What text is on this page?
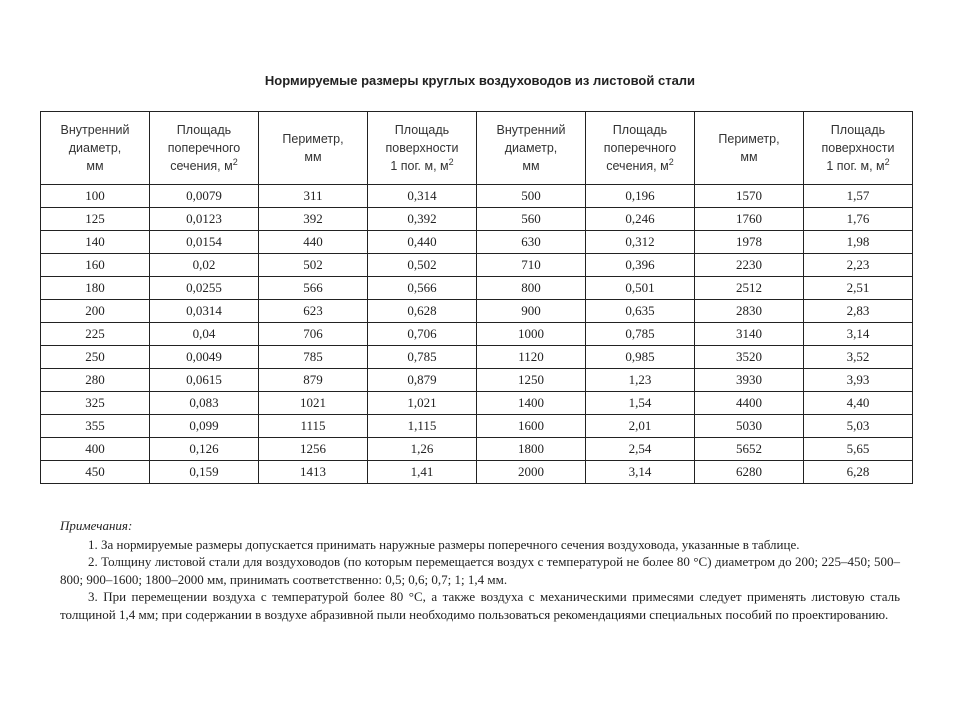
Нормируемые размеры круглых воздуховодов из листовой стали
Внутренний
диаметр,
мм	Площадь
поперечного
сечения, $м^2$	Периметр,
мм	Площадь
поверхности
1 пог. м, $м^2$	Внутренний
диаметр,
мм	Площадь
поперечного
сечения, $м^2$	Периметр,
мм	Площадь
поверхности
1 пог. м, $м^2$

100	0,0079	311	0,314	500	0,196	1570	1,57
125	0,0123	392	0,392	560	0,246	1760	1,76
140	0,0154	440	0,440	630	0,312	1978	1,98
160	0,02	502	0,502	710	0,396	2230	2,23
180	0,0255	566	0,566	800	0,501	2512	2,51
200	0,0314	623	0,628	900	0,635	2830	2,83
225	0,04	706	0,706	1000	0,785	3140	3,14
250	0,0049	785	0,785	1120	0,985	3520	3,52
280	0,0615	879	0,879	1250	1,23	3930	3,93
325	0,083	1021	1,021	1400	1,54	4400	4,40
355	0,099	1115	1,115	1600	2,01	5030	5,03
400	0,126	1256	1,26	1800	2,54	5652	5,65
450	0,159	1413	1,41	2000	3,14	6280	6,28
Примечания:

1. За нормируемые размеры допускается принимать наружные размеры поперечного сечения воздуховода, указанные в таблице.

2. Толщину листовой стали для воздуховодов (по которым перемещается воздух с температурой не более 80 °С) диаметром до 200; 225–450; 500–800; 900–1600; 1800–2000 мм, принимать соответственно: 0,5; 0,6; 0,7; 1; 1,4 мм.

3. При перемещении воздуха с температурой более 80 °С, а также воздуха с механическими примесями следует применять листовую сталь толщиной 1,4 мм; при содержании в воздухе абразивной пыли необходимо пользоваться рекомендациями специальных пособий по проектированию.
